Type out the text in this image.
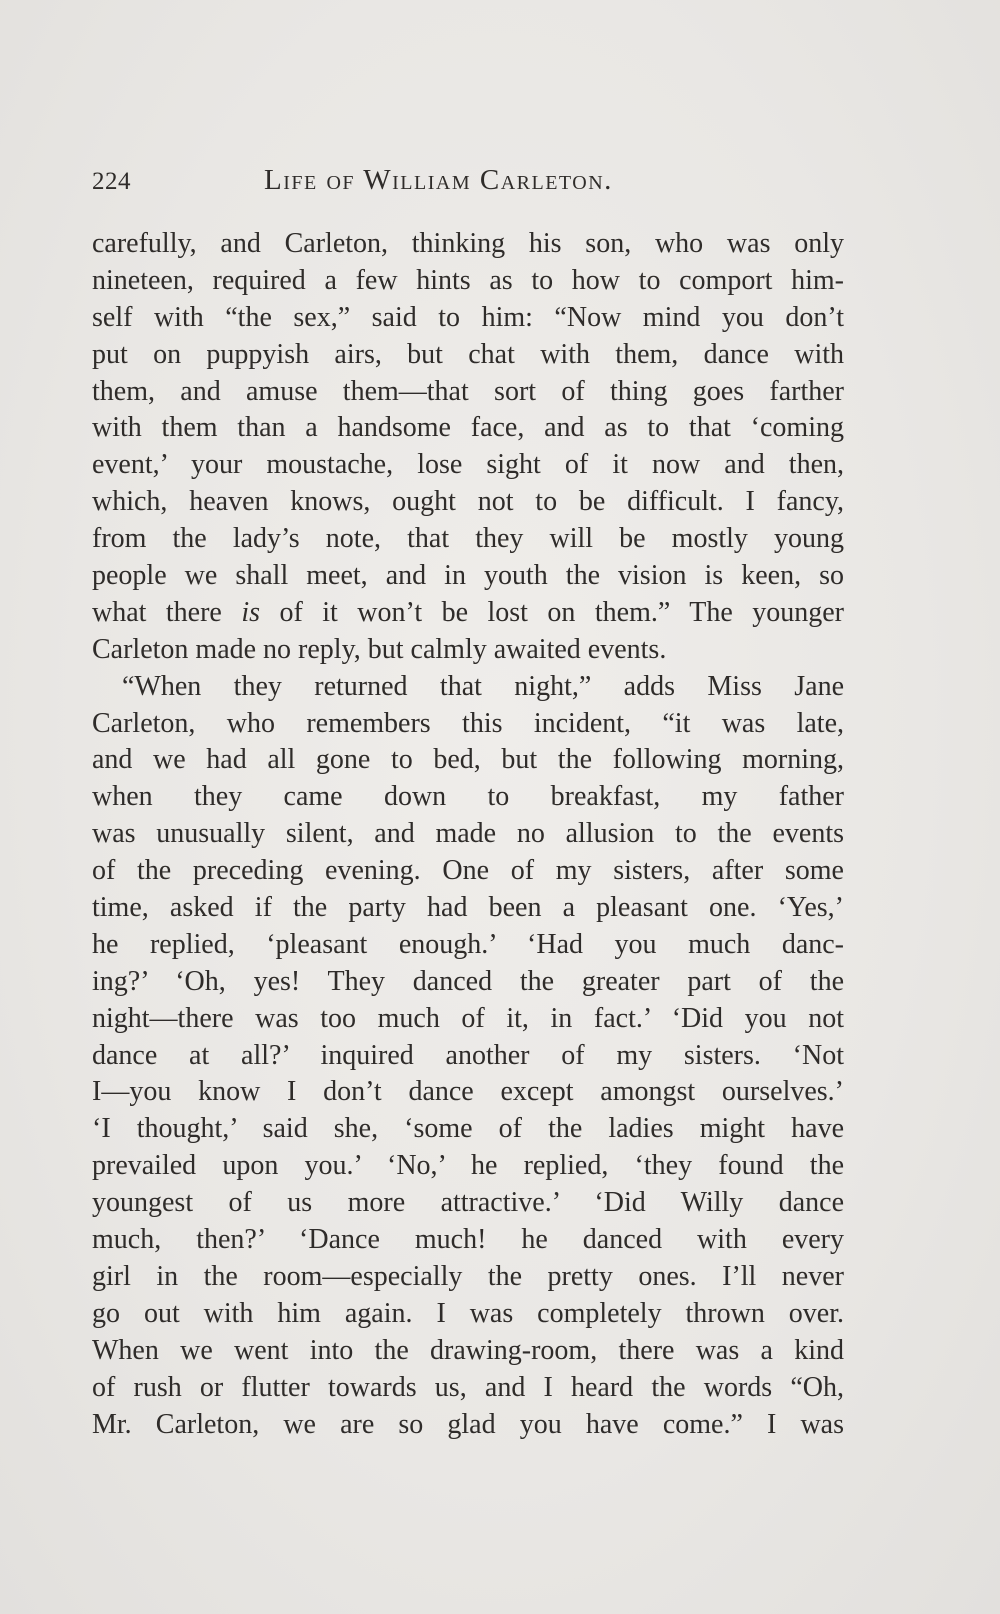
224	Life of William Carleton.
carefully, and Carleton, thinking his son, who was only
nineteen, required a few hints as to how to comport him-
self with “the sex,” said to him: “Now mind you don’t
put on puppyish airs, but chat with them, dance with
them, and amuse them—that sort of thing goes farther
with them than a handsome face, and as to that ‘coming
event,’ your moustache, lose sight of it now and then,
which, heaven knows, ought not to be difficult. I fancy,
from the lady’s note, that they will be mostly young
people we shall meet, and in youth the vision is keen, so
what there is of it won’t be lost on them.” The younger
Carleton made no reply, but calmly awaited events.
“When they returned that night,” adds Miss Jane
Carleton, who remembers this incident, “it was late,
and we had all gone to bed, but the following morning,
when they came down to breakfast, my father
was unusually silent, and made no allusion to the events
of the preceding evening. One of my sisters, after some
time, asked if the party had been a pleasant one. ‘Yes,’
he replied, ‘pleasant enough.’ ‘Had you much danc-
ing?’ ‘Oh, yes! They danced the greater part of the
night—there was too much of it, in fact.’ ‘Did you not
dance at all?’ inquired another of my sisters. ‘Not
I—you know I don’t dance except amongst ourselves.’
‘I thought,’ said she, ‘some of the ladies might have
prevailed upon you.’ ‘No,’ he replied, ‘they found the
youngest of us more attractive.’ ‘Did Willy dance
much, then?’ ‘Dance much! he danced with every
girl in the room—especially the pretty ones. I’ll never
go out with him again. I was completely thrown over.
When we went into the drawing-room, there was a kind
of rush or flutter towards us, and I heard the words “Oh,
Mr. Carleton, we are so glad you have come.” I was
